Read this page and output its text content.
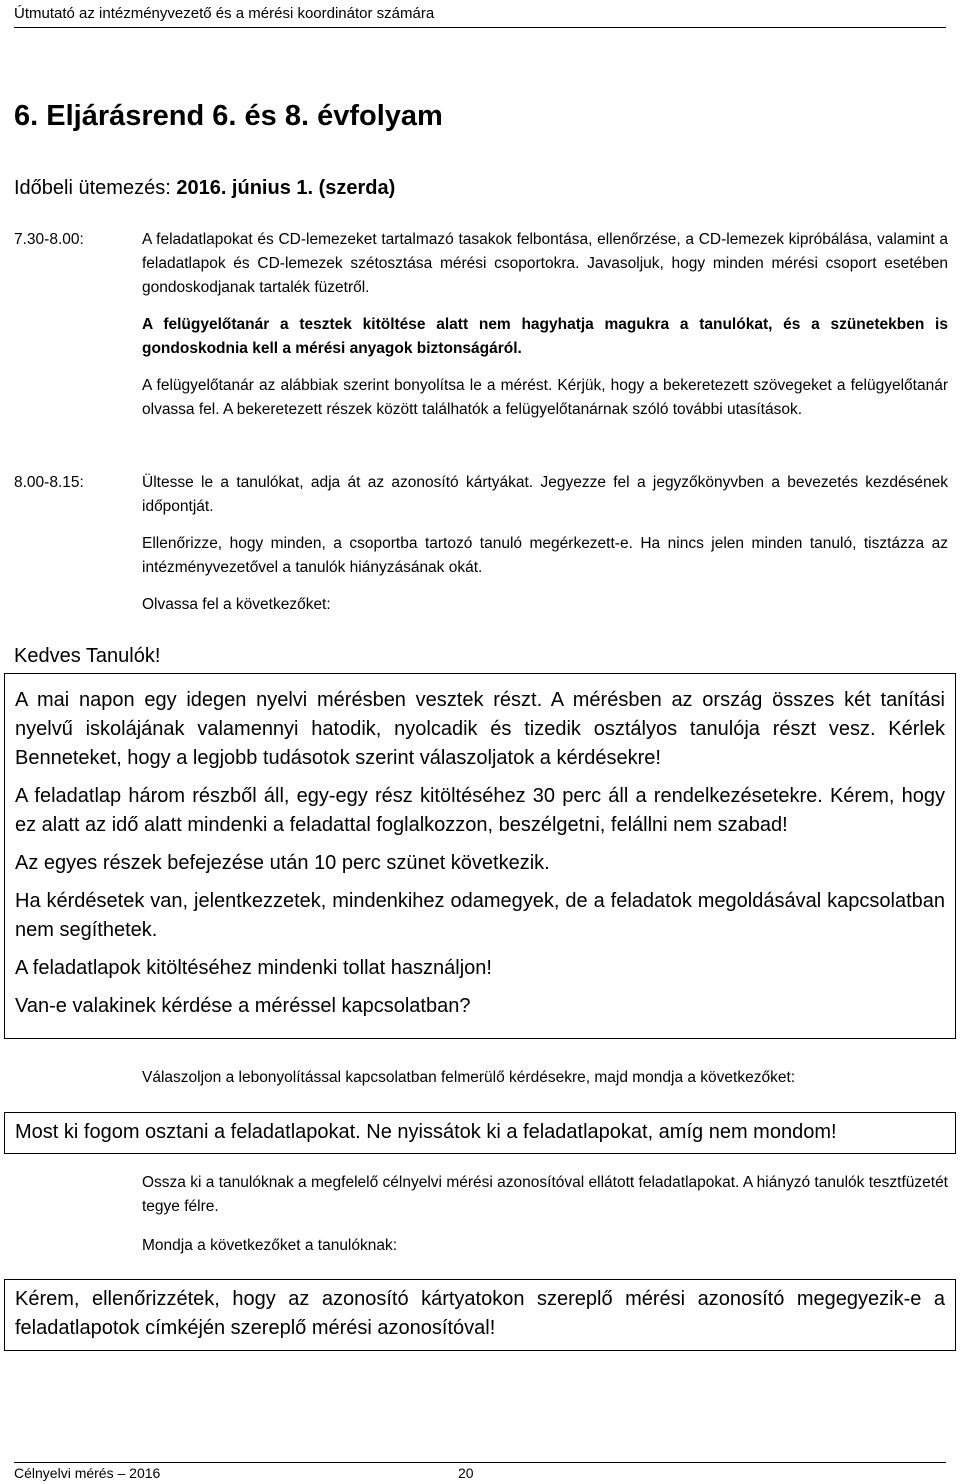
Útmutató az intézményvezető és a mérési koordinátor számára
6. Eljárásrend 6. és 8. évfolyam
Időbeli ütemezés: 2016. június 1. (szerda)
7.30-8.00:	A feladatlapokat és CD-lemezeket tartalmazó tasakok felbontása, ellenőrzése, a CD-lemezek kipróbálása, valamint a feladatlapok és CD-lemezek szétosztása mérési csoportokra. Javasoljuk, hogy minden mérési csoport esetében gondoskodjanak tartalék füzetről.

A felügyelőtanár a tesztek kitöltése alatt nem hagyhatja magukra a tanulókat, és a szünetekben is gondoskodnia kell a mérési anyagok biztonságáról.

A felügyelőtanár az alábbiak szerint bonyolítsa le a mérést. Kérjük, hogy a bekeretezett szövegeket a felügyelőtanár olvassa fel. A bekeretezett részek között találhatók a felügyelőtanárnak szóló további utasítások.

8.00-8.15:	Ültesse le a tanulókat, adja át az azonosító kártyákat. Jegyezze fel a jegyzőkönyvben a bevezetés kezdésének időpontját.

Ellenőrizze, hogy minden, a csoportba tartozó tanuló megérkezett-e. Ha nincs jelen minden tanuló, tisztázza az intézményvezetővel a tanulók hiányzásának okát.

Olvassa fel a következőket:

Kedves Tanulók!

A mai napon egy idegen nyelvi mérésben vesztek részt. A mérésben az ország összes két tanítási nyelvű iskolájának valamennyi hatodik, nyolcadik és tizedik osztályos tanulója részt vesz. Kérlek Benneteket, hogy a legjobb tudásotok szerint válaszoljatok a kérdésekre!

A feladatlap három részből áll, egy-egy rész kitöltéséhez 30 perc áll a rendelkezésetekre. Kérem, hogy ez alatt az idő alatt mindenki a feladattal foglalkozzon, beszélgetni, felállni nem szabad!

Az egyes részek befejezése után 10 perc szünet következik.

Ha kérdésetek van, jelentkezzetek, mindenkihez odamegyek, de a feladatok megoldásával kapcsolatban nem segíthetek.

A feladatlapok kitöltéséhez mindenki tollat használjon!

Van-e valakinek kérdése a méréssel kapcsolatban?

Válaszoljon a lebonyolítással kapcsolatban felmerülő kérdésekre, majd mondja a következőket:

Most ki fogom osztani a feladatlapokat. Ne nyissátok ki a feladatlapokat, amíg nem mondom!

Ossza ki a tanulóknak a megfelelő célnyelvi mérési azonosítóval ellátott feladatlapokat. A hiányzó tanulók tesztfüzetét tegye félre.

Mondja a következőket a tanulóknak:

Kérem, ellenőrizzétek, hogy az azonosító kártyatokon szereplő mérési azonosító megegyezik-e a feladatlapotok címkéjén szereplő mérési azonosítóval!

Célnyelvi mérés – 2016	20
